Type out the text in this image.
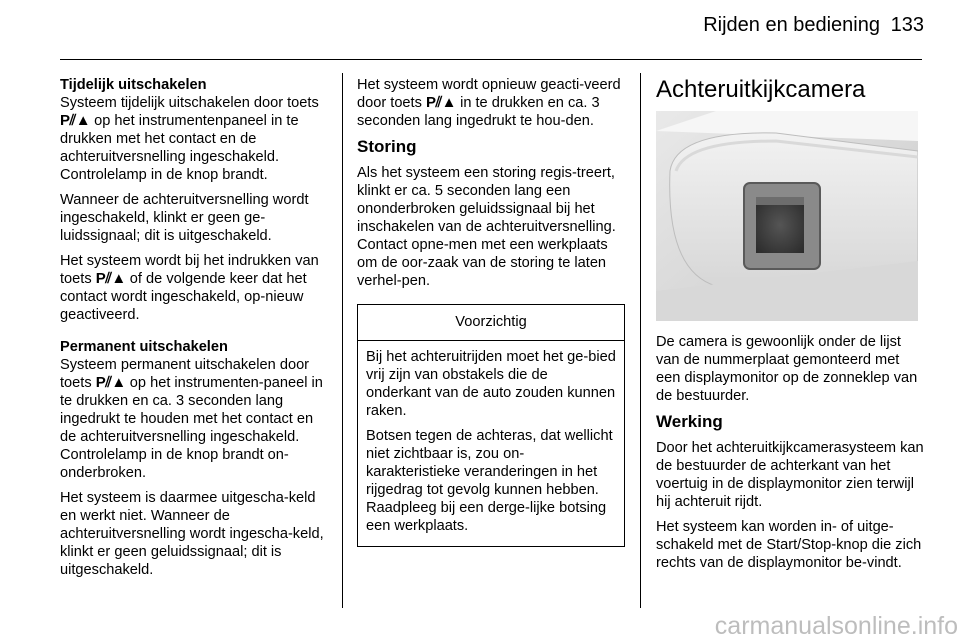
Rijden en bediening 133

Tijdelijk uitschakelen

Systeem tijdelijk uitschakelen door toets P⫽▲ op het instrumentenpaneel in te drukken met het contact en de achteruitversnelling ingeschakeld. Controlelamp in de knop brandt.

Wanneer de achteruitversnelling wordt ingeschakeld, klinkt er geen ge-luidssignaal; dit is uitgeschakeld.

Het systeem wordt bij het indrukken van toets P⫽▲ of de volgende keer dat het contact wordt ingeschakeld, op-nieuw geactiveerd.

Permanent uitschakelen

Systeem permanent uitschakelen door toets P⫽▲ op het instrumenten-paneel in te drukken en ca. 3 seconden lang ingedrukt te houden met het contact en de achteruitversnelling ingeschakeld. Controlelamp in de knop brandt on-onderbroken.

Het systeem is daarmee uitgescha-keld en werkt niet. Wanneer de achteruitversnelling wordt ingescha-keld, klinkt er geen geluidssignaal; dit is uitgeschakeld.

Het systeem wordt opnieuw geacti-veerd door toets P⫽▲ in te drukken en ca. 3 seconden lang ingedrukt te hou-den.

Storing

Als het systeem een storing regis-treert, klinkt er ca. 5 seconden lang een ononderbroken geluidssignaal bij het inschakelen van de achteruitversnelling. Contact opne-men met een werkplaats om de oor-zaak van de storing te laten verhel-pen.

Voorzichtig

Bij het achteruitrijden moet het ge-bied vrij zijn van obstakels die de onderkant van de auto zouden kunnen raken.

Botsen tegen de achteras, dat wellicht niet zichtbaar is, zou on-karakteristieke veranderingen in het rijgedrag tot gevolg kunnen hebben. Raadpleeg bij een derge-lijke botsing een werkplaats.

Achteruitkijkcamera

De camera is gewoonlijk onder de lijst van de nummerplaat gemonteerd met een displaymonitor op de zonneklep van de bestuurder.

Werking

Door het achteruitkijkcamerasysteem kan de bestuurder de achterkant van het voertuig in de displaymonitor zien terwijl hij achteruit rijdt.

Het systeem kan worden in- of uitge-schakeld met de Start/Stop-knop die zich rechts van de displaymonitor be-vindt.

carmanualsonline.info
